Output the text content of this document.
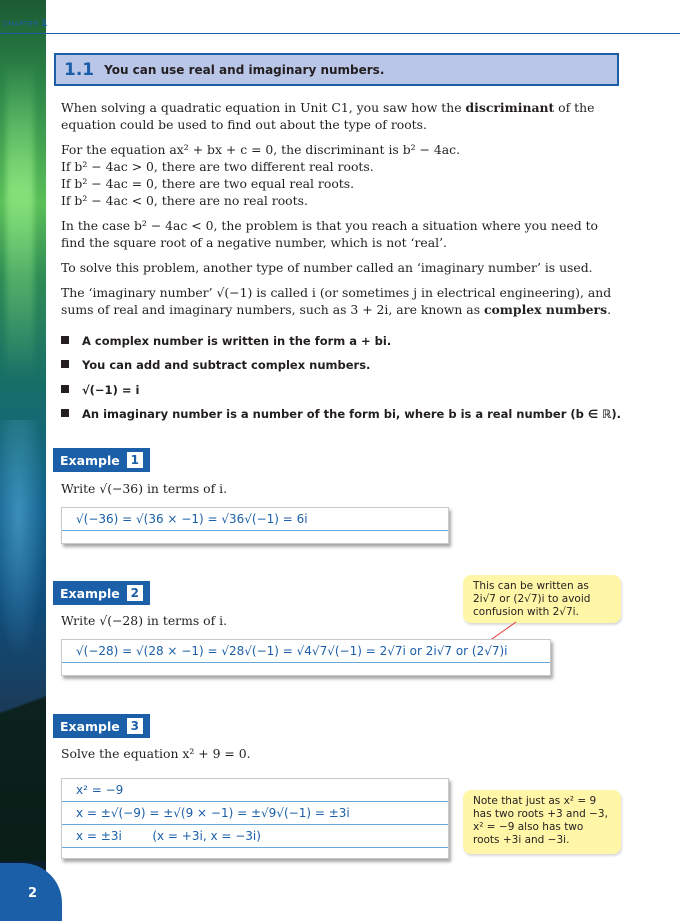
CHAPTER 1
1.1 You can use real and imaginary numbers.
When solving a quadratic equation in Unit C1, you saw how the discriminant of the equation could be used to find out about the type of roots.
For the equation ax² + bx + c = 0, the discriminant is b² − 4ac.
If b² − 4ac > 0, there are two different real roots.
If b² − 4ac = 0, there are two equal real roots.
If b² − 4ac < 0, there are no real roots.
In the case b² − 4ac < 0, the problem is that you reach a situation where you need to find the square root of a negative number, which is not ‘real’.
To solve this problem, another type of number called an ‘imaginary number’ is used.
The ‘imaginary number’ √(−1) is called i (or sometimes j in electrical engineering), and sums of real and imaginary numbers, such as 3 + 2i, are known as complex numbers.
A complex number is written in the form a + bi.
You can add and subtract complex numbers.
√(−1) = i
An imaginary number is a number of the form bi, where b is a real number (b ∈ ℝ).
Example 1
Write √(−36) in terms of i.
√(−36) = √(36 × −1) = √36√(−1) = 6i
Example 2
Write √(−28) in terms of i.
This can be written as 2i√7 or (2√7)i to avoid confusion with 2√7i.
√(−28) = √(28 × −1) = √28√(−1) = √4√7√(−1) = 2√7i or 2i√7 or (2√7)i
Example 3
Solve the equation x² + 9 = 0.
x² = −9
x = ±√(−9) = ±√(9 × −1) = ±√9√(−1) = ±3i
x = ±3i        (x = +3i, x = −3i)
Note that just as x² = 9 has two roots +3 and −3, x² = −9 also has two roots +3i and −3i.
2
